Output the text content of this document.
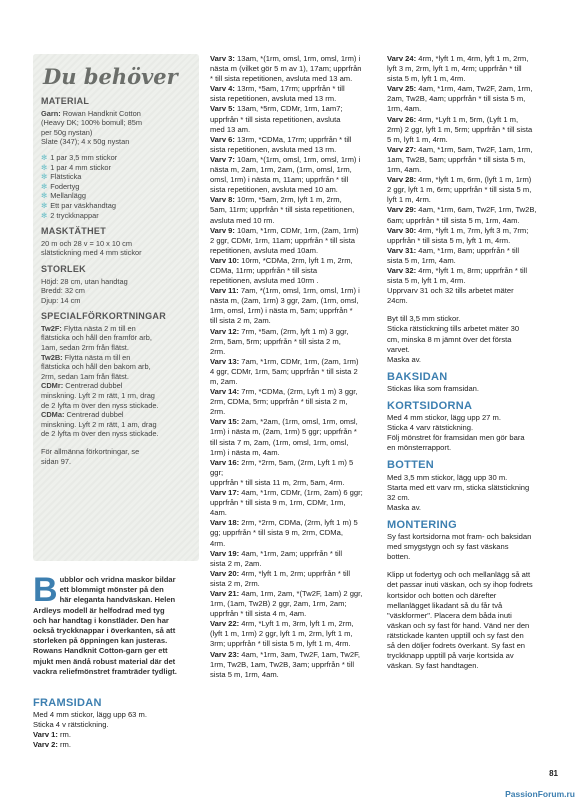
Du behöver
MATERIAL

Garn: Rowan Handknit Cotton

(Heavy DK; 100% bomull; 85m

per 50g nystan)

Slate (347); 4 x 50g nystan

✻ 1 par 3,5 mm stickor

✻ 1 par 4 mm stickor

✻ Flätsticka

✻ Fodertyg

✻ Mellanlägg

✻ Ett par väskhandtag

✻ 2 tryckknappar

MASKTÄTHET

20 m och 28 v = 10 x 10 cm

slätstickning med 4 mm stickor

STORLEK

Höjd: 28 cm, utan handtag

Bredd: 32 cm

Djup: 14 cm

SPECIALFÖRKORTNINGAR

Tw2F: Flytta nästa 2 m till en

flätsticka och håll den framför arb,

1am, sedan 2rm från flätst.

Tw2B: Flytta nästa m till en

flätsticka och håll den bakom arb,

2rm, sedan 1am från flätst.

CDMr: Centrerad dubbel

minskning. Lyft 2 m rätt, 1 rm, drag

de 2 lyfta m över den nyss stickade.

CDMa: Centrerad dubbel

minskning. Lyft 2 m rätt, 1 am, drag

de 2 lyfta m över den nyss stickade.

För allmänna förkortningar, se

sidan 97.

B ubblor och vridna maskor bildar

ett blommigt mönster på den

här eleganta handväskan. Helen

Ardleys modell är helfodrad med tyg

och har handtag i konstläder. Den har

också tryckknappar i överkanten, så att

storleken på öppningen kan justeras.

Rowans Handknit Cotton-garn ger ett

mjukt men ändå robust material där det

vackra reliefmönstret framträder tydligt.

FRAMSIDAN

Med 4 mm stickor, lägg upp 63 m.

Sticka 4 v rätstickning.

Varv 1: rm.

Varv 2: rm.

Varv 3: 13am, *(1rm, omsl, 1rm, omsl, 1rm) i

nästa m (vilket gör 5 m av 1), 17am; upprfrån

* till sista repetitionen, avsluta med 13 am.

Varv 4: 13rm, *5am, 17rm; upprfrån * till

sista repetitionen, avsluta med 13 rm.

Varv 5: 13am, *5rm, CDMr, 1rm, 1am7;

upprfrån * till sista repetitionen, avsluta

med 13 am.

Varv 6: 13rm, *CDMa, 17rm; upprfrån * till

sista repetitionen, avsluta med 13 rm.

Varv 7: 10am, *(1rm, omsl, 1rm, omsl, 1rm) i

nästa m, 2am, 1rm, 2am, (1rm, omsl, 1rm,

omsl, 1rm) i nästa m, 11am; upprfrån * till

sista repetitionen, avsluta med 10 am.

Varv 8: 10rm, *5am, 2rm, lyft 1 m, 2rm,

5am, 11rm; upprfrån * till sista repetitionen,

avsluta med 10 rm.

Varv 9: 10am, *1rm, CDMr, 1rm, (2am, 1rm)

2 ggr, CDMr, 1rm, 11am; upprfrån * till sista

repetitionen, avsluta med 10am.

Varv 10: 10rm, *CDMa, 2rm, lyft 1 m, 2rm,

CDMa, 11rm; upprfrån * till sista

repetitionen, avsluta med 10rm .

Varv 11: 7am, *(1rm, omsl, 1rm, omsl, 1rm) i

nästa m, (2am, 1rm) 3 ggr, 2am, (1rm, omsl,

1rm, omsl, 1rm) i nästa m, 5am; upprfrån *

till sista 2 m, 2am.

Varv 12: 7rm, *5am, (2rm, lyft 1 m) 3 ggr,

2rm, 5am, 5rm; upprfrån * till sista 2 m,

2rm.

Varv 13: 7am, *1rm, CDMr, 1rm, (2am, 1rm)

4 ggr, CDMr, 1rm, 5am; upprfrån * till sista 2

m, 2am.

Varv 14: 7rm, *CDMa, (2rm, Lyft 1 m) 3 ggr,

2rm, CDMa, 5rm; upprfrån * till sista 2 m,

2rm.

Varv 15: 2am, *2am, (1rm, omsl, 1rm, omsl,

1rm) i nästa m, (2am, 1rm) 5 ggr; upprfrån *

till sista 7 m, 2am, (1rm, omsl, 1rm, omsl,

1rm) i nästa m, 4am.

Varv 16: 2rm, *2rm, 5am, (2rm, Lyft 1 m) 5

ggr;

upprfrån * till sista 11 m, 2rm, 5am, 4rm.

Varv 17: 4am, *1rm, CDMr, (1rm, 2am) 6 ggr;

upprfrån * till sista 9 m, 1rm, CDMr, 1rm,

4am.

Varv 18: 2rm, *2rm, CDMa, (2rm, lyft 1 m) 5

gg; upprfrån * till sista 9 m, 2rm, CDMa,

4rm.

Varv 19: 4am, *1rm, 2am; upprfrån * till

sista 2 m, 2am.

Varv 20: 4rm, *lyft 1 m, 2rm; upprfrån * till

sista 2 m, 2rm.

Varv 21: 4am, 1rm, 2am, *(Tw2F, 1am) 2 ggr,

1rm, (1am, Tw2B) 2 ggr, 2am, 1rm, 2am;

upprfrån * till sista 4 m, 4am.

Varv 22: 4rm, *Lyft 1 m, 3rm, lyft 1 m, 2rm,

(lyft 1 m, 1rm) 2 ggr, lyft 1 m, 2rm, lyft 1 m,

3rm; upprfrån * till sista 5 m, lyft 1 m, 4rm.

Varv 23: 4am, *1rm, 3am, Tw2F, 1am, Tw2F,

1rm, Tw2B, 1am, Tw2B, 3am; upprfrån * till

sista 5 m, 1rm, 4am.

Varv 24: 4rm, *lyft 1 m, 4rm, lyft 1 m, 2rm,

lyft 3 m, 2rm, lyft 1 m, 4rm; upprfrån * till

sista 5 m, lyft 1 m, 4rm.

Varv 25: 4am, *1rm, 4am, Tw2F, 2am, 1rm,

2am, Tw2B, 4am; upprfrån * till sista 5 m,

1rm, 4am.

Varv 26: 4rm, *Lyft 1 m, 5rm, (Lyft 1 m,

2rm) 2 ggr, lyft 1 m, 5rm; upprfrån * till sista

5 m, lyft 1 m, 4rm.

Varv 27: 4am, *1rm, 5am, Tw2F, 1am, 1rm,

1am, Tw2B, 5am; upprfrån * till sista 5 m,

1rm, 4am.

Varv 28: 4rm, *lyft 1 m, 6rm, (lyft 1 m, 1rm)

2 ggr, lyft 1 m, 6rm; upprfrån * till sista 5 m,

lyft 1 m, 4rm.

Varv 29: 4am, *1rm, 6am, Tw2F, 1rm, Tw2B,

6am; upprfrån * till sista 5 m, 1rm, 4am.

Varv 30: 4rm, *lyft 1 m, 7rm, lyft 3 m, 7rm;

upprfrån * till sista 5 m, lyft 1 m, 4rm.

Varv 31: 4am, *1rm, 8am; upprfrån * till

sista 5 m, 1rm, 4am.

Varv 32: 4rm, *lyft 1 m, 8rm; upprfrån * till

sista 5 m, lyft 1 m, 4rm.

Upprvarv 31 och 32 tills arbetet mäter

24cm.

Byt till 3,5 mm stickor.

Sticka rätstickning tills arbetet mäter 30

cm, minska 8 m jämnt över det första

varvet.

Maska av.

BAKSIDAN

Stickas lika som framsidan.

KORTSIDORNA

Med 4 mm stickor, lägg upp 27 m.

Sticka 4 varv rätstickning.

Följ mönstret för framsidan men gör bara

en mönsterrapport.

BOTTEN

Med 3,5 mm stickor, lägg upp 30 m.

Starta med ett varv rm, sticka slätstickning

32 cm.

Maska av.

MONTERING

Sy fast kortsidorna mot fram- och baksidan

med smygstygn och sy fast väskans

botten.

Klipp ut fodertyg och och mellanlägg så att

det passar inuti väskan, och sy ihop fodrets

kortsidor och botten och därefter

mellanlägget likadant så du får två

"väskformer". Placera dem båda inuti

väskan och sy fast för hand. Vänd ner den

rätstickade kanten upptill och sy fast den

så den döljer fodrets överkant. Sy fast en

tryckknapp upptill på varje kortsida av

väskan. Sy fast handtagen.

81
PassionForum.ru
